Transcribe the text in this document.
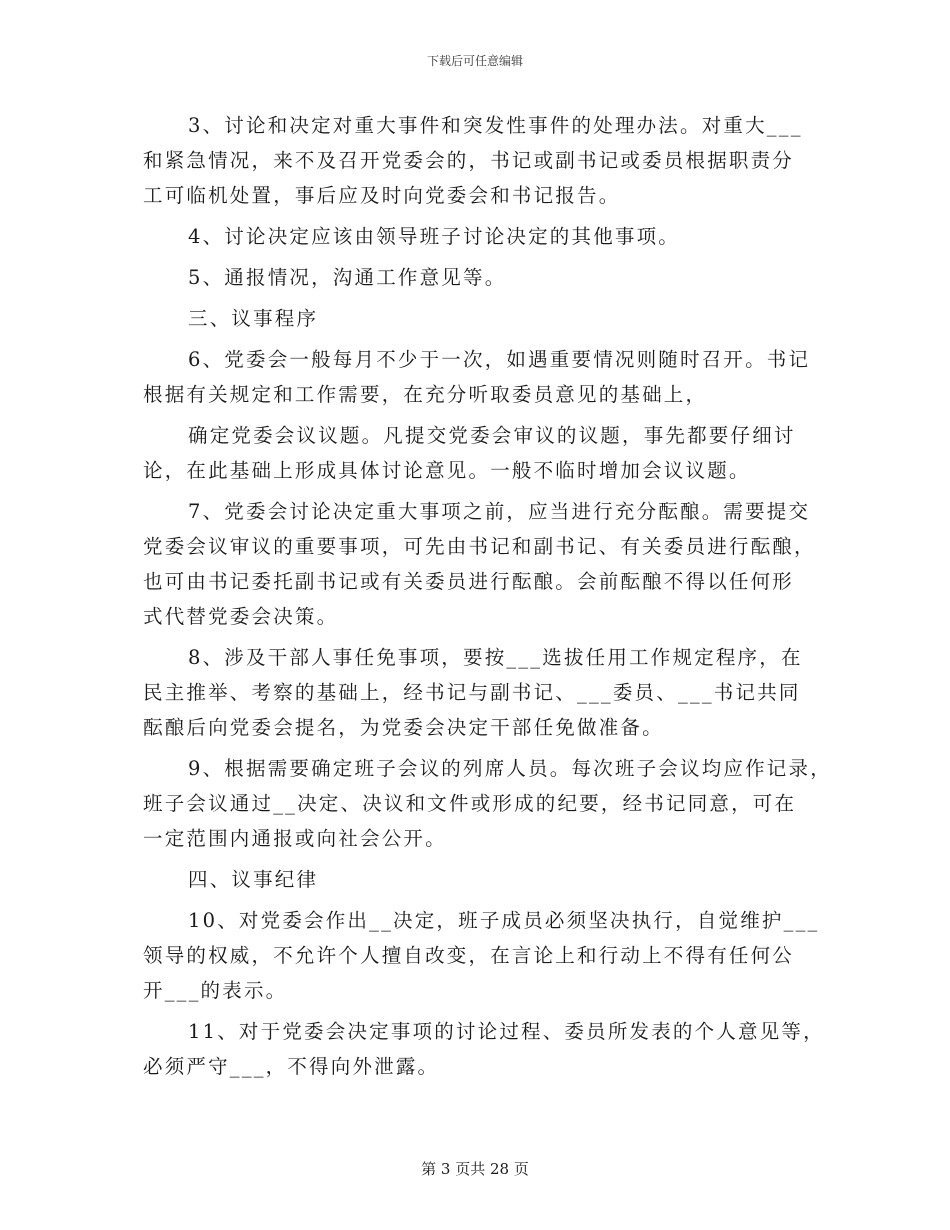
下载后可任意编辑
3、讨论和决定对重大事件和突发性事件的处理办法。对重大___
和紧急情况，来不及召开党委会的，书记或副书记或委员根据职责分
工可临机处置，事后应及时向党委会和书记报告。
4、讨论决定应该由领导班子讨论决定的其他事项。
5、通报情况，沟通工作意见等。
三、议事程序
6、党委会一般每月不少于一次，如遇重要情况则随时召开。书记
根据有关规定和工作需要，在充分听取委员意见的基础上，
确定党委会议议题。凡提交党委会审议的议题，事先都要仔细讨
论，在此基础上形成具体讨论意见。一般不临时增加会议议题。
7、党委会讨论决定重大事项之前，应当进行充分酝酿。需要提交
党委会议审议的重要事项，可先由书记和副书记、有关委员进行酝酿，
也可由书记委托副书记或有关委员进行酝酿。会前酝酿不得以任何形
式代替党委会决策。
8、涉及干部人事任免事项，要按___选拔任用工作规定程序，在
民主推举、考察的基础上，经书记与副书记、___委员、___书记共同
酝酿后向党委会提名，为党委会决定干部任免做准备。
9、根据需要确定班子会议的列席人员。每次班子会议均应作记录，
班子会议通过__决定、决议和文件或形成的纪要，经书记同意，可在
一定范围内通报或向社会公开。
四、议事纪律
10、对党委会作出__决定，班子成员必须坚决执行，自觉维护___
领导的权威，不允许个人擅自改变，在言论上和行动上不得有任何公
开___的表示。
11、对于党委会决定事项的讨论过程、委员所发表的个人意见等，
必须严守___，不得向外泄露。
第 3 页共 28 页
